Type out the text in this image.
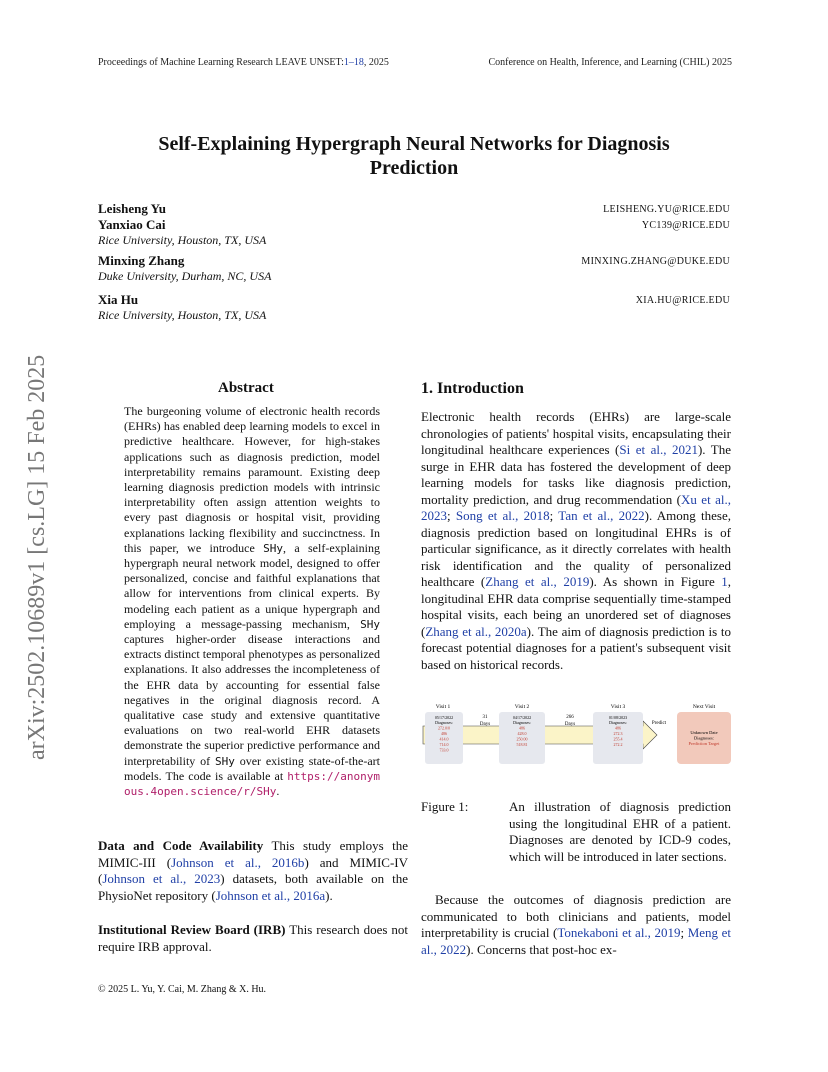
Proceedings of Machine Learning Research LEAVE UNSET:1–18, 2025	Conference on Health, Inference, and Learning (CHIL) 2025
Self-Explaining Hypergraph Neural Networks for Diagnosis
Prediction
Leisheng Yu	LEISHENG.YU@RICE.EDU
Yanxiao Cai	YC139@RICE.EDU
Rice University, Houston, TX, USA
Minxing Zhang	MINXING.ZHANG@DUKE.EDU
Duke University, Durham, NC, USA
Xia Hu	XIA.HU@RICE.EDU
Rice University, Houston, TX, USA
arXiv:2502.10689v1 [cs.LG] 15 Feb 2025	Abstract
The burgeoning volume of electronic health records (EHRs) has enabled deep learning models to excel in predictive healthcare. However, for high-stakes applications such as diagnosis prediction, model interpretability remains paramount. Existing deep learning diagnosis prediction models with intrinsic interpretability often assign attention weights to every past diagnosis or hospital visit, providing explanations lacking flexibility and succinctness. In this paper, we introduce SHy, a self-explaining hypergraph neural network model, designed to offer personalized, concise and faithful explanations that allow for interventions from clinical experts. By modeling each patient as a unique hypergraph and employing a message-passing mechanism, SHy captures higher-order disease interactions and extracts distinct temporal phenotypes as personalized explanations. It also addresses the incompleteness of the EHR data by accounting for essential false negatives in the original diagnosis record. A qualitative case study and extensive quantitative evaluations on two real-world EHR datasets demonstrate the superior predictive performance and interpretability of SHy over existing state-of-the-art models. The code is available at https://anonymous.4open.science/r/SHy.
Data and Code Availability This study employs the MIMIC-III (Johnson et al., 2016b) and MIMIC-IV (Johnson et al., 2023) datasets, both available on the PhysioNet repository (Johnson et al., 2016a).
Institutional Review Board (IRB) This research does not require IRB approval.
© 2025 L. Yu, Y. Cai, M. Zhang & X. Hu.
1. Introduction
Electronic health records (EHRs) are large-scale chronologies of patients' hospital visits, encapsulating their longitudinal healthcare experiences (Si et al., 2021). The surge in EHR data has fostered the development of deep learning models for tasks like diagnosis prediction, mortality prediction, and drug recommendation (Xu et al., 2023; Song et al., 2018; Tan et al., 2022). Among these, diagnosis prediction based on longitudinal EHRs is of particular significance, as it directly correlates with health risk identification and the quality of personalized healthcare (Zhang et al., 2019). As shown in Figure 1, longitudinal EHR data comprise sequentially time-stamped hospital visits, each being an unordered set of diagnoses (Zhang et al., 2020a). The aim of diagnosis prediction is to forecast potential diagnoses for a patient's subsequent visit based on historical records.
Visit 1
05/17/2022
Diagnoses:
272.0/0
486
414.0
714.0
733.0
31
Days
Visit 2
04/17/2022
Diagnoses:
486
428.0
250.00
518.81
266
Days
Visit 3
01/08/2023
Diagnoses:
486
272.3
255.4
272.2
Predict
Next Visit
Unknown Date
Diagnoses:
Prediction Target
Figure 1:	An illustration of diagnosis prediction using the longitudinal EHR of a patient. Diagnoses are denoted by ICD-9 codes, which will be introduced in later sections.
Because the outcomes of diagnosis prediction are communicated to both clinicians and patients, model interpretability is crucial (Tonekaboni et al., 2019; Meng et al., 2022). Concerns that post-hoc ex-
